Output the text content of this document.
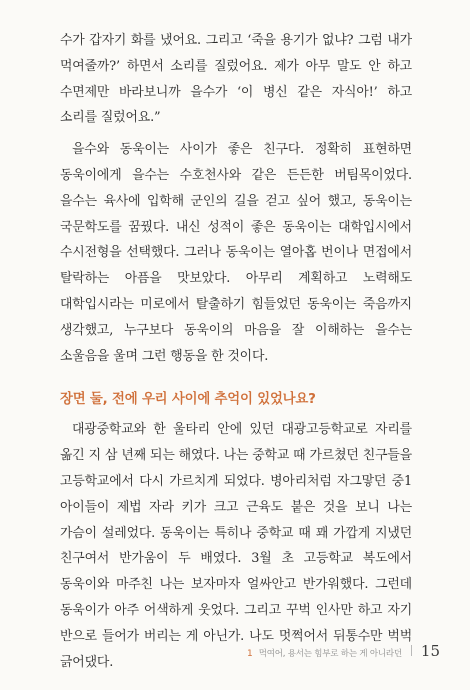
수가 갑자기 화를 냈어요. 그리고 ‘죽을 용기가 없냐? 그럼 내가 먹여줄까?’ 하면서 소리를 질렀어요. 제가 아무 말도 안 하고 수면제만 바라보니까 을수가 ‘이 병신 같은 자식아!’ 하고 소리를 질렀어요.”

을수와 동욱이는 사이가 좋은 친구다. 정확히 표현하면 동욱이에게 을수는 수호천사와 같은 든든한 버팀목이었다. 을수는 육사에 입학해 군인의 길을 걷고 싶어 했고, 동욱이는 국문학도를 꿈꿨다. 내신 성적이 좋은 동욱이는 대학입시에서 수시전형을 선택했다. 그러나 동욱이는 열아홉 번이나 면접에서 탈락하는 아픔을 맛보았다. 아무리 계획하고 노력해도 대학입시라는 미로에서 탈출하기 힘들었던 동욱이는 죽음까지 생각했고, 누구보다 동욱이의 마음을 잘 이해하는 을수는 소울음을 울며 그런 행동을 한 것이다.

장면 둘, 전에 우리 사이에 추억이 있었나요?

대광중학교와 한 울타리 안에 있던 대광고등학교로 자리를 옮긴 지 삼 년째 되는 해였다. 나는 중학교 때 가르쳤던 친구들을 고등학교에서 다시 가르치게 되었다. 병아리처럼 자그맣던 중1 아이들이 제법 자라 키가 크고 근육도 붙은 것을 보니 나는 가슴이 설레었다. 동욱이는 특히나 중학교 때 꽤 가깝게 지냈던 친구여서 반가움이 두 배였다. 3월 초 고등학교 복도에서 동욱이와 마주친 나는 보자마자 얼싸안고 반가워했다. 그런데 동욱이가 아주 어색하게 웃었다. 그리고 꾸벅 인사만 하고 자기 반으로 들어가 버리는 게 아닌가. 나도 멋쩍어서 뒤통수만 벅벅 긁어댔다.

1 먹여어, 용서는 힘부로 하는 게 아니라던 15
